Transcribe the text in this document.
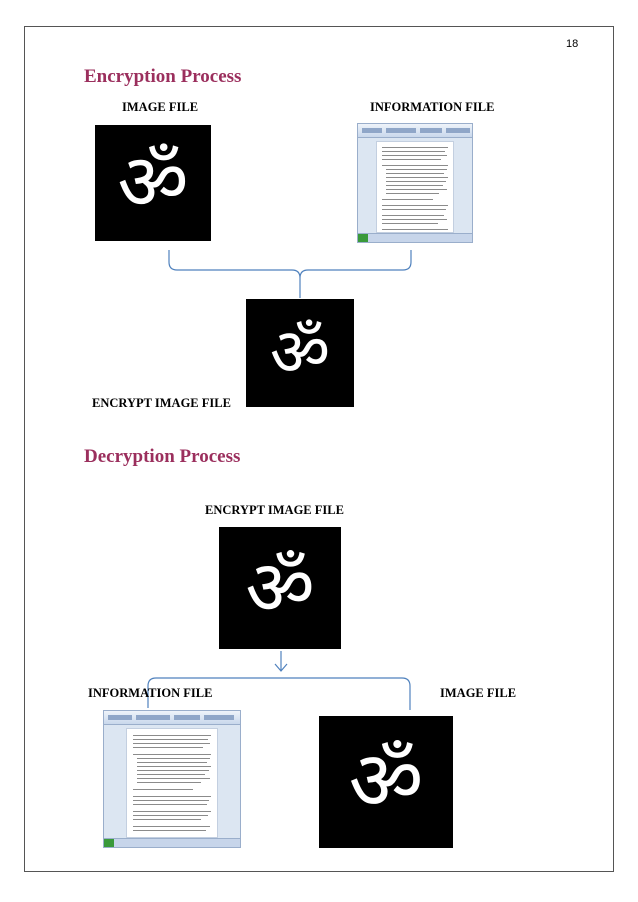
18
Encryption Process
IMAGE FILE	INFORMATION FILE
ॐ
ॐ
ENCRYPT IMAGE FILE
Decryption Process
ENCRYPT IMAGE FILE
ॐ
INFORMATION FILE	IMAGE FILE
ॐ
